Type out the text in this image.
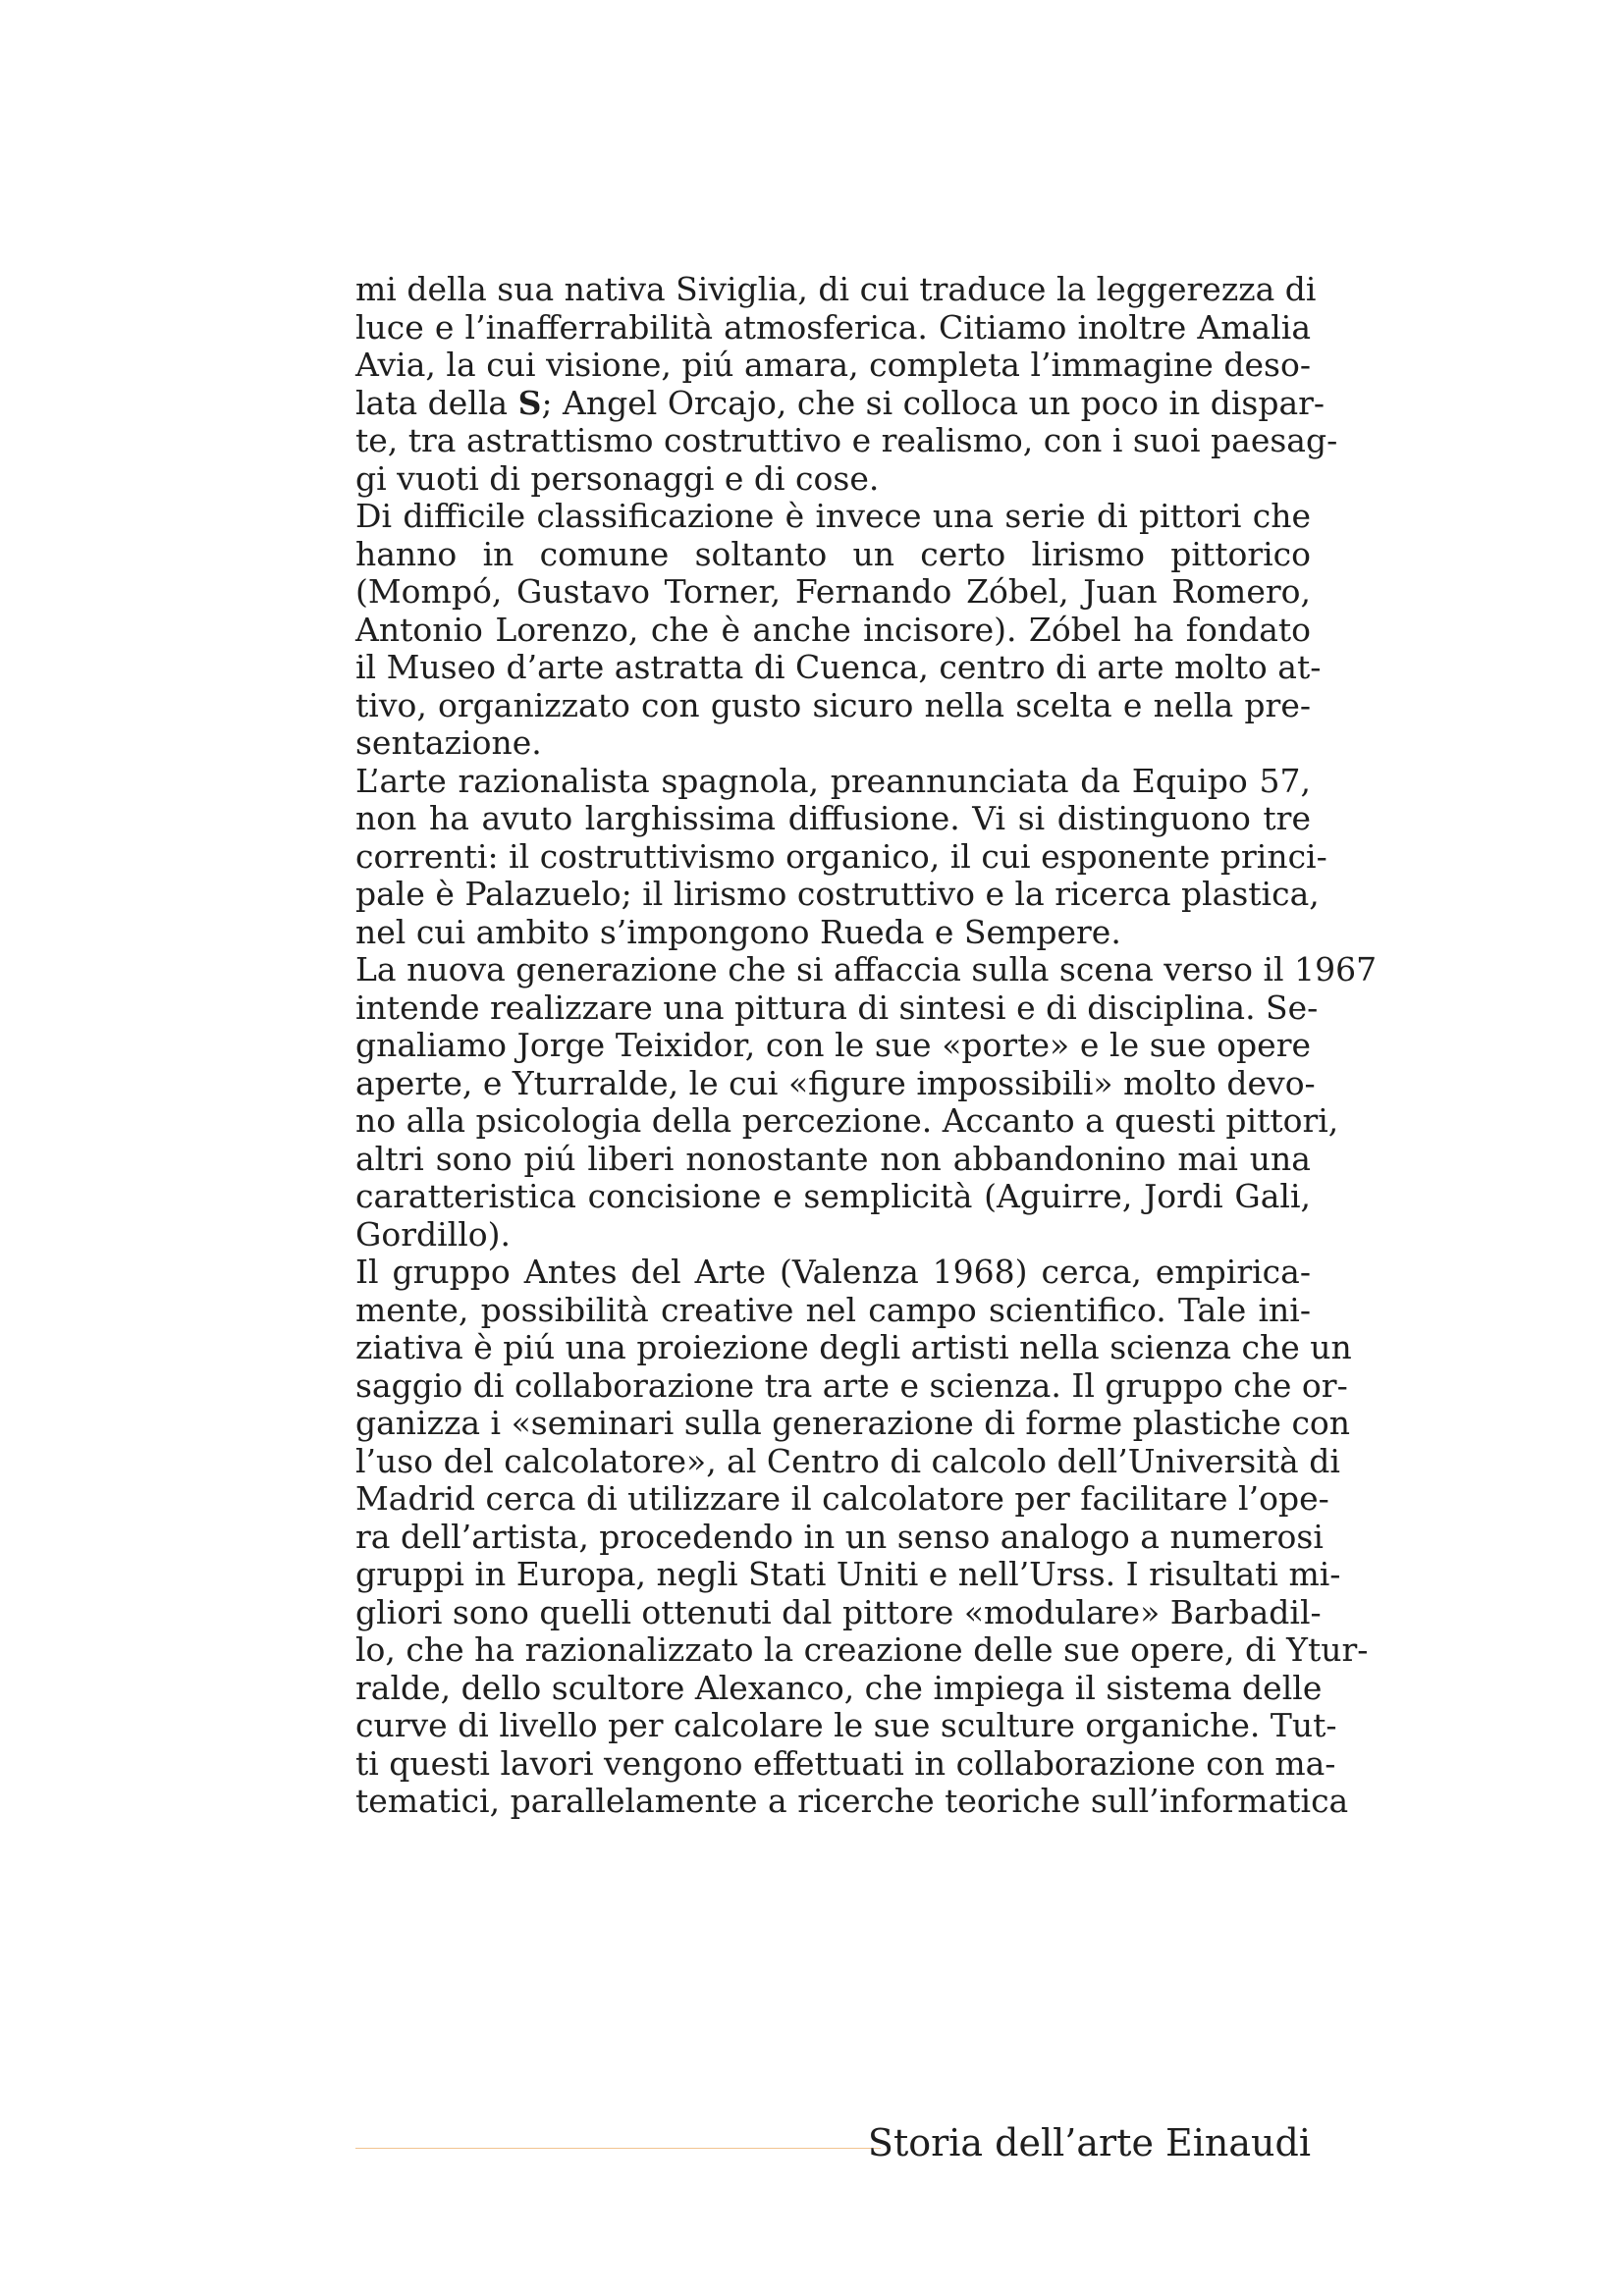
mi della sua nativa Siviglia, di cui traduce la leggerezza di
luce e l’inafferrabilità atmosferica. Citiamo inoltre Amalia
Avia, la cui visione, piú amara, completa l’immagine deso-
lata della S; Angel Orcajo, che si colloca un poco in dispar-
te, tra astrattismo costruttivo e realismo, con i suoi paesag-
gi vuoti di personaggi e di cose.
Di difficile classificazione è invece una serie di pittori che
hanno in comune soltanto un certo lirismo pittorico
(Mompó, Gustavo Torner, Fernando Zóbel, Juan Romero,
Antonio Lorenzo, che è anche incisore). Zóbel ha fondato
il Museo d’arte astratta di Cuenca, centro di arte molto at-
tivo, organizzato con gusto sicuro nella scelta e nella pre-
sentazione.
L’arte razionalista spagnola, preannunciata da Equipo 57,
non ha avuto larghissima diffusione. Vi si distinguono tre
correnti: il costruttivismo organico, il cui esponente princi-
pale è Palazuelo; il lirismo costruttivo e la ricerca plastica,
nel cui ambito s’impongono Rueda e Sempere.
La nuova generazione che si affaccia sulla scena verso il 1967
intende realizzare una pittura di sintesi e di disciplina. Se-
gnaliamo Jorge Teixidor, con le sue «porte» e le sue opere
aperte, e Yturralde, le cui «figure impossibili» molto devo-
no alla psicologia della percezione. Accanto a questi pittori,
altri sono piú liberi nonostante non abbandonino mai una
caratteristica concisione e semplicità (Aguirre, Jordi Gali,
Gordillo).
Il gruppo Antes del Arte (Valenza 1968) cerca, empirica-
mente, possibilità creative nel campo scientifico. Tale ini-
ziativa è piú una proiezione degli artisti nella scienza che un
saggio di collaborazione tra arte e scienza. Il gruppo che or-
ganizza i «seminari sulla generazione di forme plastiche con
l’uso del calcolatore», al Centro di calcolo dell’Università di
Madrid cerca di utilizzare il calcolatore per facilitare l’ope-
ra dell’artista, procedendo in un senso analogo a numerosi
gruppi in Europa, negli Stati Uniti e nell’Urss. I risultati mi-
gliori sono quelli ottenuti dal pittore «modulare» Barbadil-
lo, che ha razionalizzato la creazione delle sue opere, di Ytur-
ralde, dello scultore Alexanco, che impiega il sistema delle
curve di livello per calcolare le sue sculture organiche. Tut-
ti questi lavori vengono effettuati in collaborazione con ma-
tematici, parallelamente a ricerche teoriche sull’informatica
Storia dell’arte Einaudi
